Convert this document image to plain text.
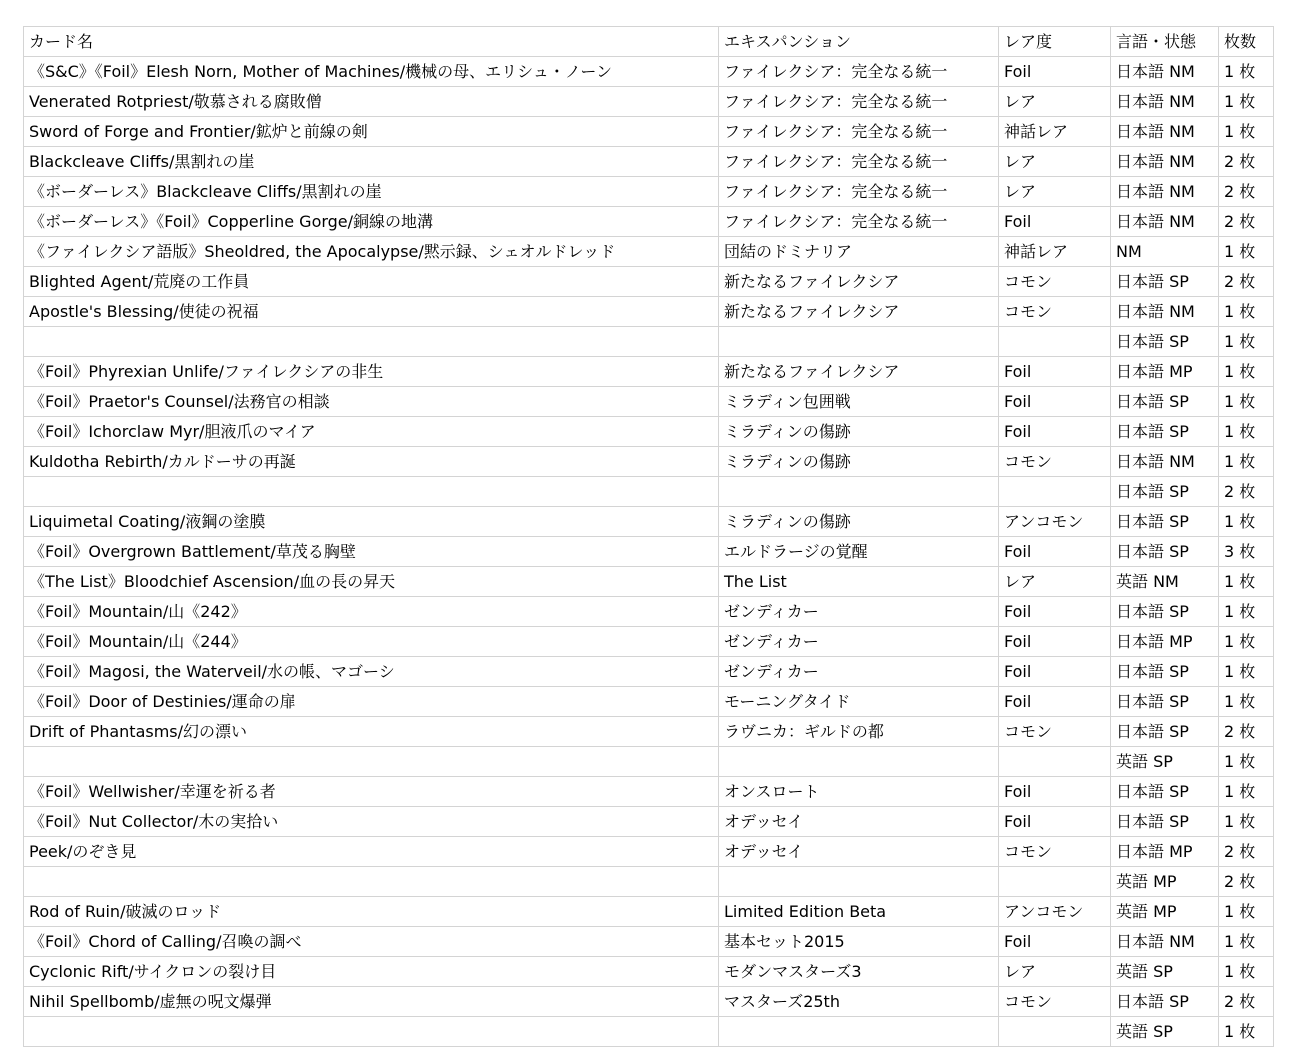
カード名	エキスパンション	レア度	言語・状態	枚数
《S&C》《Foil》Elesh Norn, Mother of Machines/機械の母、エリシュ・ノーン	ファイレクシア：完全なる統一	Foil	日本語 NM	1 枚
Venerated Rotpriest/敬慕される腐敗僧	ファイレクシア：完全なる統一	レア	日本語 NM	1 枚
Sword of Forge and Frontier/鉱炉と前線の剣	ファイレクシア：完全なる統一	神話レア	日本語 NM	1 枚
Blackcleave Cliffs/黒割れの崖	ファイレクシア：完全なる統一	レア	日本語 NM	2 枚
《ボーダーレス》Blackcleave Cliffs/黒割れの崖	ファイレクシア：完全なる統一	レア	日本語 NM	2 枚
《ボーダーレス》《Foil》Copperline Gorge/銅線の地溝	ファイレクシア：完全なる統一	Foil	日本語 NM	2 枚
《ファイレクシア語版》Sheoldred, the Apocalypse/黙示録、シェオルドレッド	団結のドミナリア	神話レア	NM	1 枚
Blighted Agent/荒廃の工作員	新たなるファイレクシア	コモン	日本語 SP	2 枚
Apostle's Blessing/使徒の祝福	新たなるファイレクシア	コモン	日本語 NM	1 枚
			日本語 SP	1 枚
《Foil》Phyrexian Unlife/ファイレクシアの非生	新たなるファイレクシア	Foil	日本語 MP	1 枚
《Foil》Praetor's Counsel/法務官の相談	ミラディン包囲戦	Foil	日本語 SP	1 枚
《Foil》Ichorclaw Myr/胆液爪のマイア	ミラディンの傷跡	Foil	日本語 SP	1 枚
Kuldotha Rebirth/カルドーサの再誕	ミラディンの傷跡	コモン	日本語 NM	1 枚
			日本語 SP	2 枚
Liquimetal Coating/液鋼の塗膜	ミラディンの傷跡	アンコモン	日本語 SP	1 枚
《Foil》Overgrown Battlement/草茂る胸壁	エルドラージの覚醒	Foil	日本語 SP	3 枚
《The List》Bloodchief Ascension/血の長の昇天	The List	レア	英語 NM	1 枚
《Foil》Mountain/山《242》	ゼンディカー	Foil	日本語 SP	1 枚
《Foil》Mountain/山《244》	ゼンディカー	Foil	日本語 MP	1 枚
《Foil》Magosi, the Waterveil/水の帳、マゴーシ	ゼンディカー	Foil	日本語 SP	1 枚
《Foil》Door of Destinies/運命の扉	モーニングタイド	Foil	日本語 SP	1 枚
Drift of Phantasms/幻の漂い	ラヴニカ：ギルドの都	コモン	日本語 SP	2 枚
			英語 SP	1 枚
《Foil》Wellwisher/幸運を祈る者	オンスロート	Foil	日本語 SP	1 枚
《Foil》Nut Collector/木の実拾い	オデッセイ	Foil	日本語 SP	1 枚
Peek/のぞき見	オデッセイ	コモン	日本語 MP	2 枚
			英語 MP	2 枚
Rod of Ruin/破滅のロッド	Limited Edition Beta	アンコモン	英語 MP	1 枚
《Foil》Chord of Calling/召喚の調べ	基本セット2015	Foil	日本語 NM	1 枚
Cyclonic Rift/サイクロンの裂け目	モダンマスターズ3	レア	英語 SP	1 枚
Nihil Spellbomb/虚無の呪文爆弾	マスターズ25th	コモン	日本語 SP	2 枚
			英語 SP	1 枚
